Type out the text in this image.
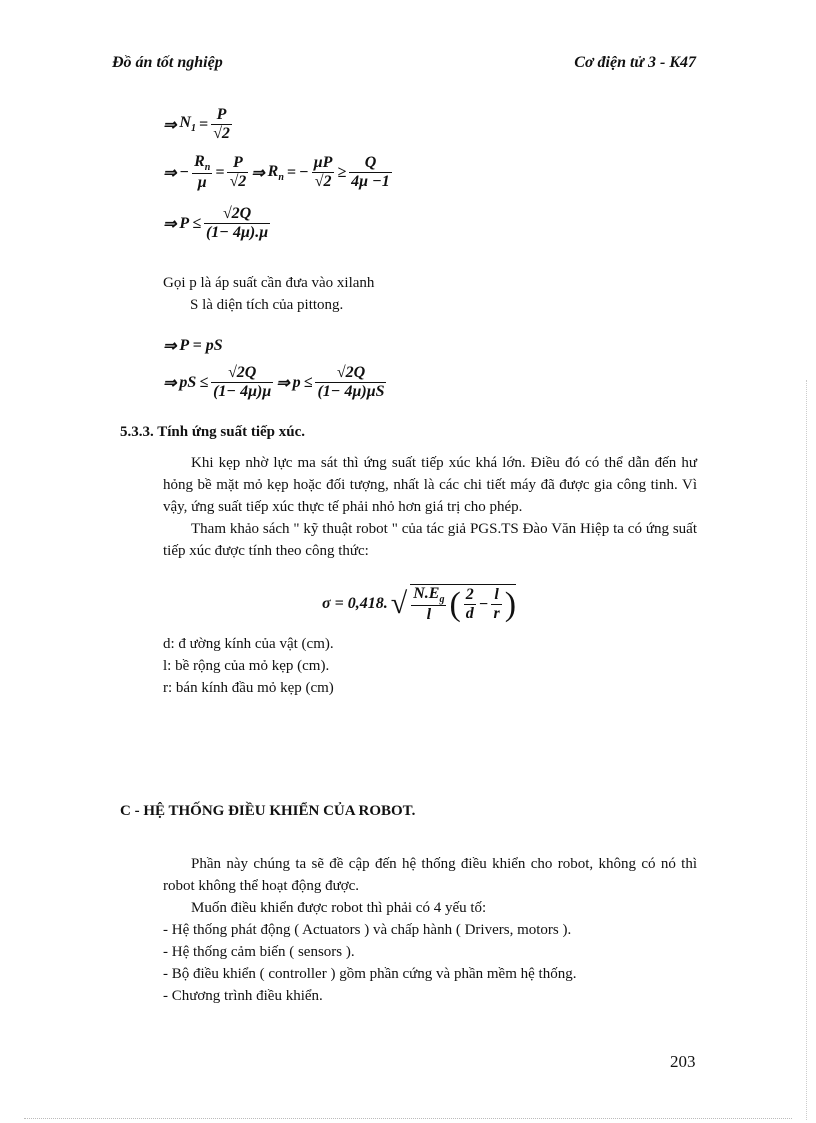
Đồ án tốt nghiệp	Cơ điện tử 3 - K47
⇒ $N_1 = \frac{P}{√2}$
⇒ − $\frac{R_n}{\mu} = \frac{P}{√2}$ ⇒ $R_n$ = − $\frac{\mu P}{√2} \ge \frac{Q}{4\mu -1}$
⇒ $P \le \frac{√2Q}{(1- 4\mu).\mu}$
Gọi p là áp suất cần đưa vào xilanh
S là diện tích của pittong.
⇒ P = pS
⇒ pS ≤ $\frac{√2Q}{(1- 4\mu)\mu}$ ⇒ $p \le \frac{√2Q}{(1- 4\mu)\mu S}$
5.3.3. Tính ứng suất tiếp xúc.
Khi kẹp nhờ lực ma sát thì ứng suất tiếp xúc khá lớn. Điều đó có thể dẫn đến hư hỏng bề mặt mỏ kẹp hoặc đối tượng, nhất là các chi tiết máy đã được gia công tinh. Vì vậy, ứng suất tiếp xúc thực tế phải nhỏ hơn giá trị cho phép.
Tham khảo sách " kỹ thuật robot " của tác giả PGS.TS Đào Văn Hiệp ta có ứng suất tiếp xúc được tính theo công thức:
σ = 0,418. √ $\frac{N.E_g}{l}$ ( $\frac{2}{d} - \frac{l}{r}$ )
d: đ ường kính của vật (cm).
l: bề rộng của mỏ kẹp (cm).
r: bán kính đầu mỏ kẹp (cm)
C - HỆ THỐNG ĐIỀU KHIỂN CỦA ROBOT.
Phần này chúng ta sẽ đề cập đến hệ thống điều khiển cho robot, không có nó thì robot không thể hoạt động được.
Muốn điều khiển được robot thì phải có 4 yếu tố:
- Hệ thống phát động ( Actuators ) và chấp hành ( Drivers, motors ).
- Hệ thống cảm biến ( sensors ).
- Bộ điều khiển ( controller ) gồm phần cứng và phần mềm hệ thống.
- Chương trình điều khiển.
203
